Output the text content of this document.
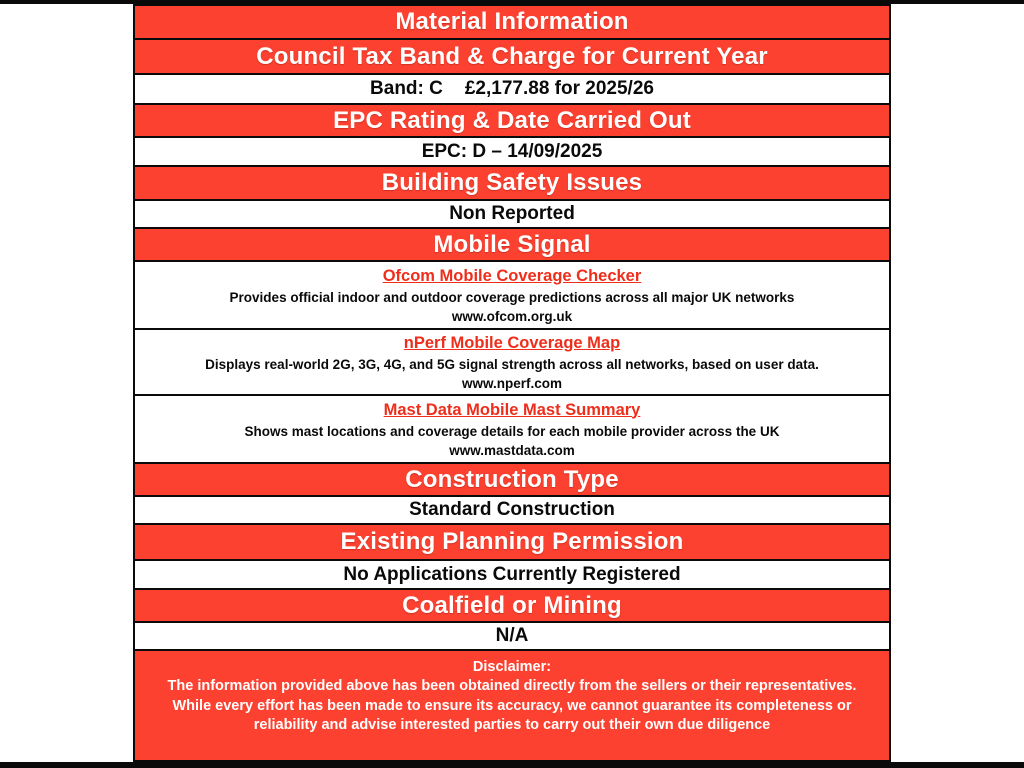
Material Information
Council Tax Band & Charge for Current Year
Band: C £2,177.88 for 2025/26
EPC Rating & Date Carried Out
EPC: D – 14/09/2025
Building Safety Issues
Non Reported
Mobile Signal
Ofcom Mobile Coverage Checker
Provides official indoor and outdoor coverage predictions across all major UK networks
www.ofcom.org.uk
nPerf Mobile Coverage Map
Displays real-world 2G, 3G, 4G, and 5G signal strength across all networks, based on user data.
www.nperf.com
Mast Data Mobile Mast Summary
Shows mast locations and coverage details for each mobile provider across the UK
www.mastdata.com
Construction Type
Standard Construction
Existing Planning Permission
No Applications Currently Registered
Coalfield or Mining
N/A
Disclaimer:
The information provided above has been obtained directly from the sellers or their representatives. While every effort has been made to ensure its accuracy, we cannot guarantee its completeness or reliability and advise interested parties to carry out their own due diligence
